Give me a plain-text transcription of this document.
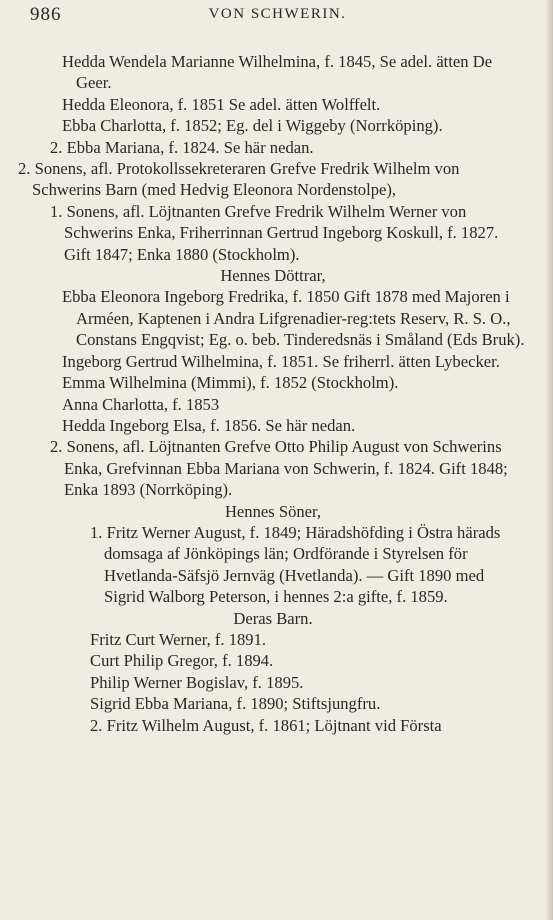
986	VON SCHWERIN.

Hedda Wendela Marianne Wilhelmina, f. 1845, Se adel. ätten De Geer.

Hedda Eleonora, f. 1851 Se adel. ätten Wolffelt.

Ebba Charlotta, f. 1852; Eg. del i Wiggeby (Norrköping).

2. Ebba Mariana, f. 1824. Se här nedan.

2. Sonens, afl. Protokollssekreteraren Grefve Fredrik Wilhelm von Schwerins Barn (med Hedvig Eleonora Nordenstolpe),

1. Sonens, afl. Löjtnanten Grefve Fredrik Wilhelm Werner von Schwerins Enka, Friherrinnan Gertrud Ingeborg Koskull, f. 1827. Gift 1847; Enka 1880 (Stockholm).

Hennes Döttrar,

Ebba Eleonora Ingeborg Fredrika, f. 1850 Gift 1878 med Majoren i Arméen, Kaptenen i Andra Lifgrenadier-reg:tets Reserv, R. S. O., Constans Engqvist; Eg. o. beb. Tinderedsnäs i Småland (Eds Bruk).

Ingeborg Gertrud Wilhelmina, f. 1851. Se friherrl. ätten Lybecker.

Emma Wilhelmina (Mimmi), f. 1852 (Stockholm).

Anna Charlotta, f. 1853

Hedda Ingeborg Elsa, f. 1856. Se här nedan.

2. Sonens, afl. Löjtnanten Grefve Otto Philip August von Schwerins Enka, Grefvinnan Ebba Mariana von Schwerin, f. 1824. Gift 1848; Enka 1893 (Norrköping).

Hennes Söner,

1. Fritz Werner August, f. 1849; Häradshöfding i Östra härads domsaga af Jönköpings län; Ordförande i Styrelsen för Hvetlanda-Säfsjö Jernväg (Hvetlanda). — Gift 1890 med Sigrid Walborg Peterson, i hennes 2:a gifte, f. 1859.

Deras Barn.

Fritz Curt Werner, f. 1891.

Curt Philip Gregor, f. 1894.

Philip Werner Bogislav, f. 1895.

Sigrid Ebba Mariana, f. 1890; Stiftsjungfru.

2. Fritz Wilhelm August, f. 1861; Löjtnant vid Första
